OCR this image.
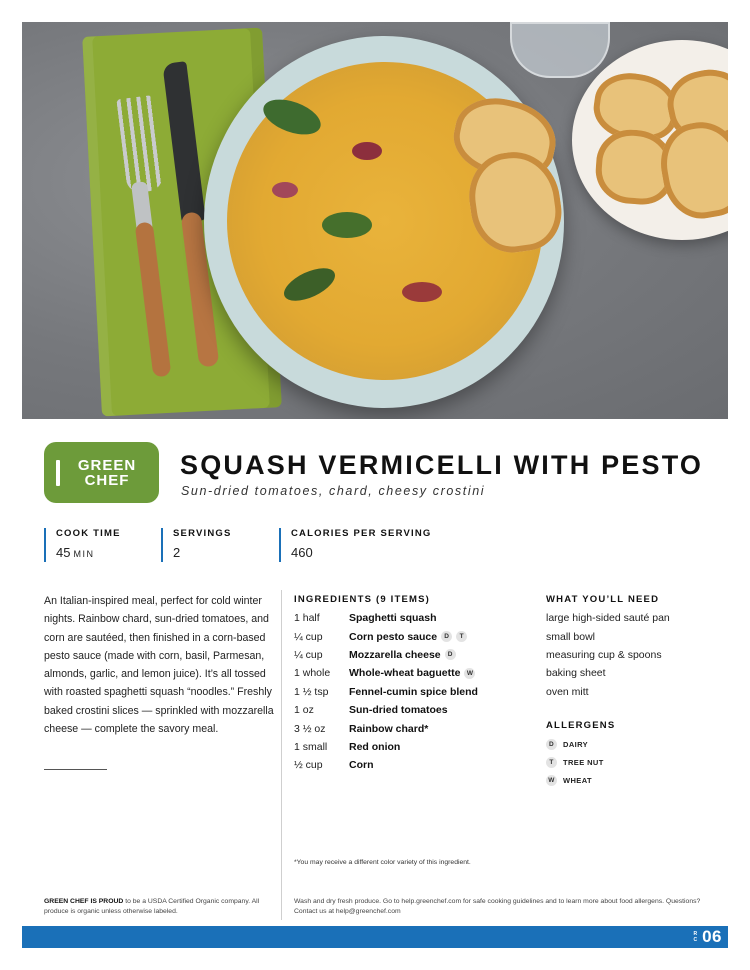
GREEN
CHEF	SQUASH VERMICELLI WITH PESTO
Sun-dried tomatoes, chard, cheesy crostini
COOK TIME
45 MIN
SERVINGS
2
CALORIES PER SERVING
460
An Italian-inspired meal, perfect for cold winter nights. Rainbow chard, sun-dried tomatoes, and corn are sautéed, then finished in a corn-based pesto sauce (made with corn, basil, Parmesan, almonds, garlic, and lemon juice). It’s all tossed with roasted spaghetti squash “noodles.” Freshly baked crostini slices — sprinkled with mozzarella cheese — complete the savory meal.
INGREDIENTS (9 ITEMS)
1 half	Spaghetti squash
¼ cup	Corn pesto sauce	D	T
¼ cup	Mozzarella cheese	D
1 whole	Whole-wheat baguette W
1 ½ tsp	Fennel-cumin spice blend
1 oz	Sun-dried tomatoes
3 ½ oz	Rainbow chard*
1 small	Red onion
½ cup	Corn
WHAT YOU’LL NEED
large high-sided sauté pan
small bowl
measuring cup & spoons
baking sheet
oven mitt
ALLERGENS
D	DAIRY
T	TREE NUT
W WHEAT
*You may receive a different color variety of this ingredient.
GREEN CHEF IS PROUD to be a USDA Certified Organic company. All produce is organic unless otherwise labeled.
Wash and dry fresh produce. Go to help.greenchef.com for safe cooking guidelines and to learn more about food allergens. Questions? Contact us at help@greenchef.com
R C 06
